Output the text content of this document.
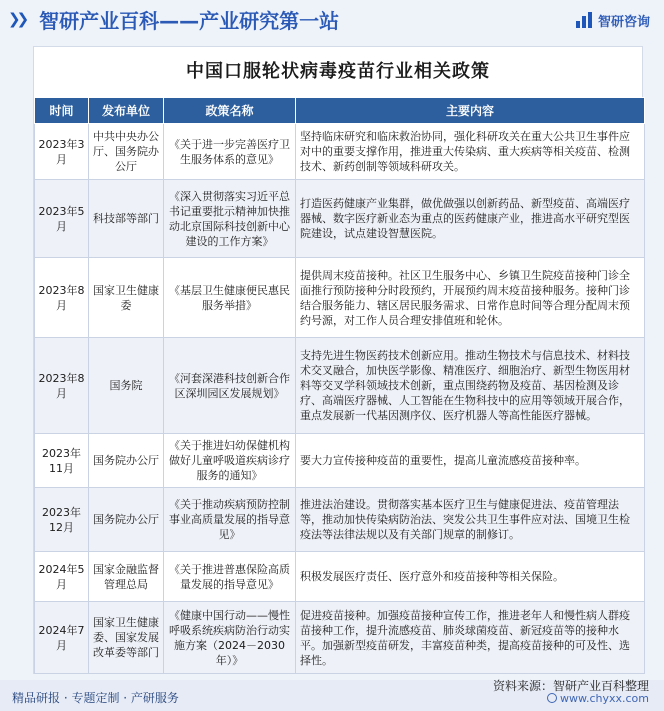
❯❯ 智研产业百科——产业研究第一站	智研咨询
中国口服轮状病毒疫苗行业相关政策
时间	发布单位	政策名称	主要内容
2023年3月	中共中央办公厅、国务院办公厅	《关于进一步完善医疗卫生服务体系的意见》	坚持临床研究和临床救治协同，强化科研攻关在重大公共卫生事件应对中的重要支撑作用，推进重大传染病、重大疾病等相关疫苗、检测技术、新药创制等领域科研攻关。
2023年5月	科技部等部门	《深入贯彻落实习近平总书记重要批示精神加快推动北京国际科技创新中心建设的工作方案》	打造医药健康产业集群，做优做强以创新药品、新型疫苗、高端医疗器械、数字医疗新业态为重点的医药健康产业，推进高水平研究型医院建设，试点建设智慧医院。
2023年8月	国家卫生健康委	《基层卫生健康便民惠民服务举措》	提供周末疫苗接种。社区卫生服务中心、乡镇卫生院疫苗接种门诊全面推行预防接种分时段预约，开展预约周末疫苗接种服务。接种门诊结合服务能力、辖区居民服务需求、日常作息时间等合理分配周末预约号源，对工作人员合理安排值班和轮休。
2023年8月	国务院	《河套深港科技创新合作区深圳园区发展规划》	支持先进生物医药技术创新应用。推动生物技术与信息技术、材料技术交叉融合，加快医学影像、精准医疗、细胞治疗、新型生物医用材料等交叉学科领域技术创新，重点围绕药物及疫苗、基因检测及诊疗、高端医疗器械、人工智能在生物科技中的应用等领域开展合作，重点发展新一代基因测序仪、医疗机器人等高性能医疗器械。
2023年11月	国务院办公厅	《关于推进妇幼保健机构做好儿童呼吸道疾病诊疗服务的通知》	要大力宣传接种疫苗的重要性，提高儿童流感疫苗接种率。
2023年12月	国务院办公厅	《关于推动疾病预防控制事业高质量发展的指导意见》	推进法治建设。贯彻落实基本医疗卫生与健康促进法、疫苗管理法等，推动加快传染病防治法、突发公共卫生事件应对法、国境卫生检疫法等法律法规以及有关部门规章的制修订。
2024年5月	国家金融监督管理总局	《关于推进普惠保险高质量发展的指导意见》	积极发展医疗责任、医疗意外和疫苗接种等相关保险。
2024年7月	国家卫生健康委、国家发展改革委等部门	《健康中国行动——慢性呼吸系统疾病防治行动实施方案（2024－2030年）》	促进疫苗接种。加强疫苗接种宣传工作，推进老年人和慢性病人群疫苗接种工作，提升流感疫苗、肺炎球菌疫苗、新冠疫苗等的接种水平。加强新型疫苗研发，丰富疫苗种类，提高疫苗接种的可及性、选择性。
精品研报 · 专题定制 · 产研服务
资料来源：智研产业百科整理
www.chyxx.com
